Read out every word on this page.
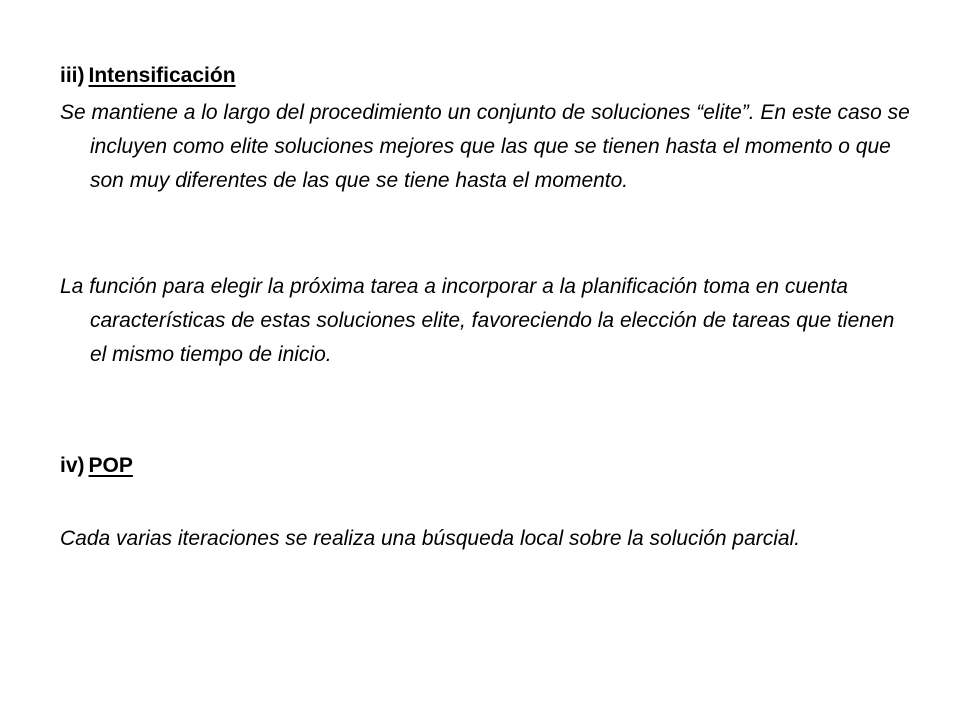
iii) Intensificación
Se mantiene a lo largo del procedimiento un conjunto de soluciones “elite”. En este caso se incluyen como elite soluciones mejores que las que se tienen hasta el momento o que son muy diferentes de las que se tiene hasta el momento.
La función para elegir la próxima tarea a incorporar a la planificación toma en cuenta características de estas soluciones elite, favoreciendo la elección de tareas que tienen el mismo tiempo de inicio.
iv) POP
Cada varias iteraciones se realiza una búsqueda local sobre la solución parcial.
